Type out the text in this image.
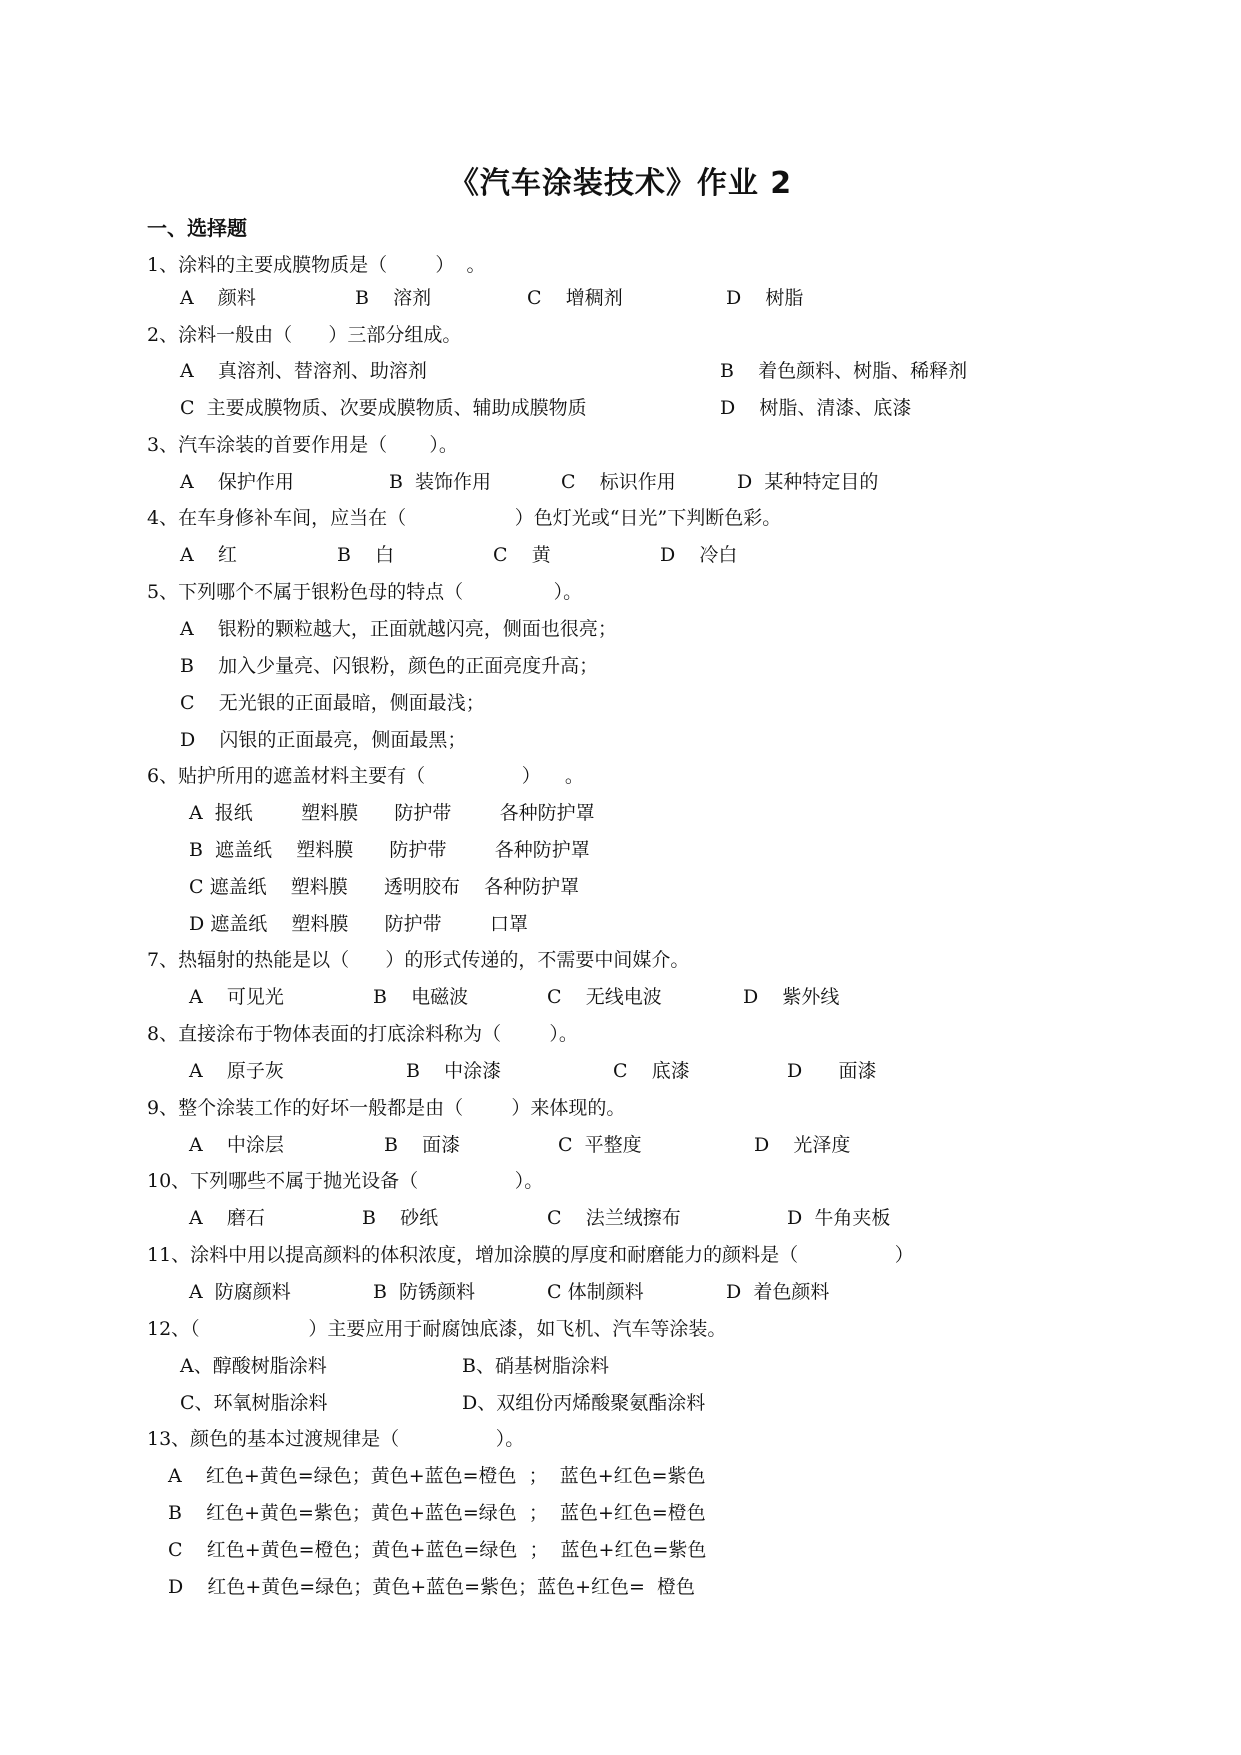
《汽车涂装技术》作业 2
一、选择题
1、涂料的主要成膜物质是（        ）  。
A    颜料	B    溶剂	C    增稠剂	D    树脂
2、涂料一般由（      ）三部分组成。
A    真溶剂、替溶剂、助溶剂	B    着色颜料、树脂、稀释剂
C  主要成膜物质、次要成膜物质、辅助成膜物质	D    树脂、清漆、底漆
3、汽车涂装的首要作用是（       ）。
A    保护作用	B  装饰作用	C    标识作用	D  某种特定目的
4、在车身修补车间，应当在（                  ）色灯光或“日光”下判断色彩。
A    红	B    白	C    黄	D    冷白
5、下列哪个不属于银粉色母的特点（               ）。
A    银粉的颗粒越大，正面就越闪亮，侧面也很亮；
B    加入少量亮、闪银粉，颜色的正面亮度升高；
C    无光银的正面最暗，侧面最浅；
D    闪银的正面最亮，侧面最黑；
6、贴护所用的遮盖材料主要有（                ）    。
A  报纸        塑料膜      防护带        各种防护罩
B  遮盖纸    塑料膜      防护带        各种防护罩
C 遮盖纸    塑料膜      透明胶布    各种防护罩
D 遮盖纸    塑料膜      防护带        口罩
7、热辐射的热能是以（      ）的形式传递的，不需要中间媒介。
A    可见光	B    电磁波	C    无线电波	D    紫外线
8、直接涂布于物体表面的打底涂料称为（        ）。
A    原子灰	B    中涂漆	C    底漆	D      面漆
9、整个涂装工作的好坏一般都是由（        ）来体现的。
A    中涂层	B    面漆	C  平整度	D    光泽度
10、下列哪些不属于抛光设备（                ）。
A    磨石	B    砂纸	C    法兰绒擦布	D  牛角夹板
11、涂料中用以提高颜料的体积浓度，增加涂膜的厚度和耐磨能力的颜料是（                ）
A  防腐颜料	B  防锈颜料	C 体制颜料	D  着色颜料
12、（                  ）主要应用于耐腐蚀底漆，如飞机、汽车等涂装。
A、醇酸树脂涂料	B、硝基树脂涂料
C、环氧树脂涂料	D、双组份丙烯酸聚氨酯涂料
13、颜色的基本过渡规律是（                ）。
A    红色+黄色=绿色；黄色+蓝色=橙色  ；  蓝色+红色=紫色
B    红色+黄色=紫色；黄色+蓝色=绿色  ；  蓝色+红色=橙色
C    红色+黄色=橙色；黄色+蓝色=绿色  ；  蓝色+红色=紫色
D    红色+黄色=绿色；黄色+蓝色=紫色；蓝色+红色=  橙色
